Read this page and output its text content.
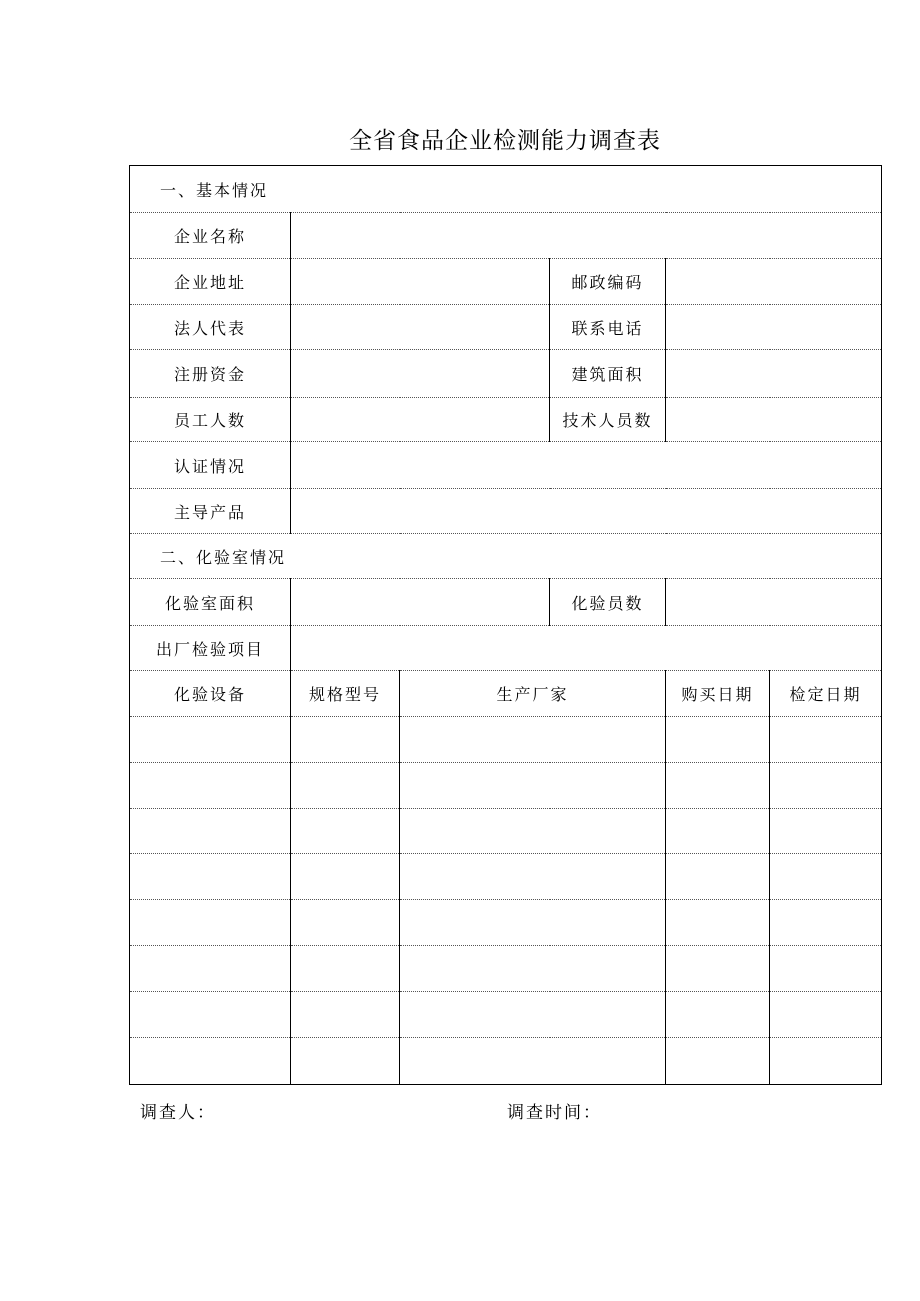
全省食品企业检测能力调查表
一、基本情况					
企业名称					
企业地址			邮政编码		
法人代表			联系电话		
注册资金			建筑面积		
员工人数			技术人员数		
认证情况					
主导产品					
二、化验室情况					
化验室面积			化验员数		
出厂检验项目					
化验设备	规格型号	生产厂家		购买日期	检定日期

调查人：	调查时间：
